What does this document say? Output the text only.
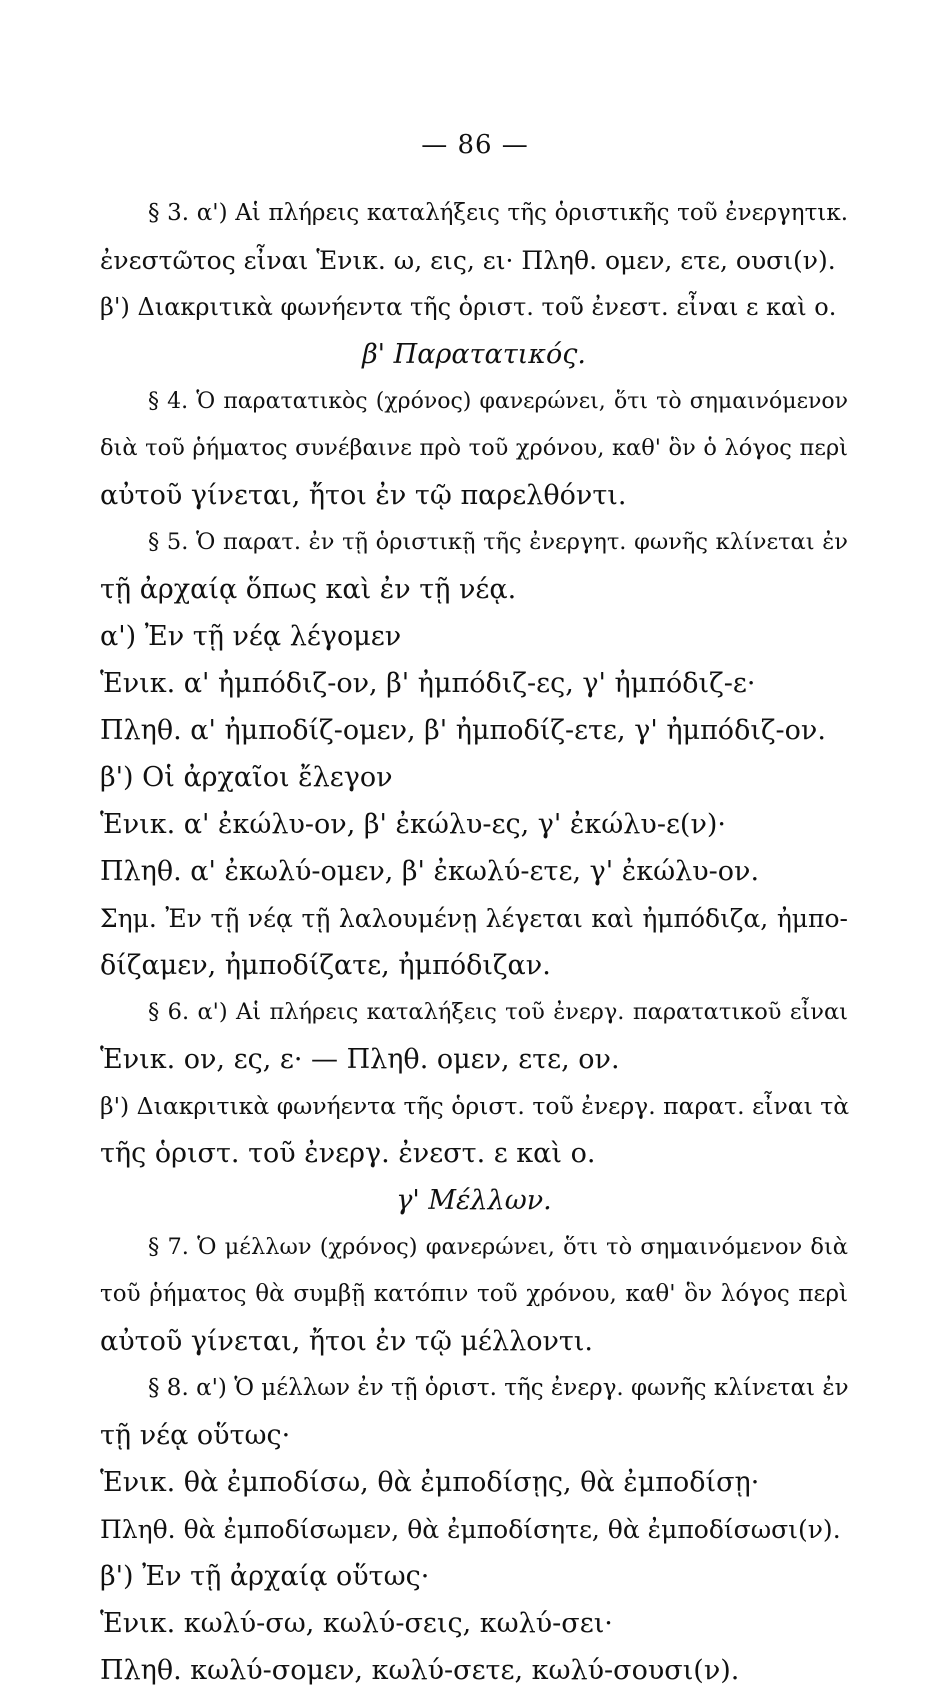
— 86 —
§ 3. α') Αἱ πλήρεις καταλήξεις τῆς ὁριστικῆς τοῦ ἐνεργητικ.
ἐνεστῶτος εἶναι Ἑνικ. ω, εις, ει· Πληθ. ομεν, ετε, ουσι(ν).
β') Διακριτικὰ φωνήεντα τῆς ὁριστ. τοῦ ἐνεστ. εἶναι ε καὶ ο.
β' Παρατατικός.
§ 4. Ὁ παρατατικὸς (χρόνος) φανερώνει, ὅτι τὸ σημαινόμενον
διὰ τοῦ ῥήματος συνέβαινε πρὸ τοῦ χρόνου, καθ' ὃν ὁ λόγος περὶ
αὐτοῦ γίνεται, ἤτοι ἐν τῷ παρελθόντι.
§ 5. Ὁ παρατ. ἐν τῇ ὁριστικῇ τῆς ἐνεργητ. φωνῆς κλίνεται ἐν
τῇ ἀρχαίᾳ ὅπως καὶ ἐν τῇ νέᾳ.
α') Ἐν τῇ νέᾳ λέγομεν
Ἑνικ. α' ἠμπόδιζ-ον, β' ἠμπόδιζ-ες, γ' ἠμπόδιζ-ε·
Πληθ. α' ἠμποδίζ-ομεν, β' ἠμποδίζ-ετε, γ' ἠμπόδιζ-ον.
β') Οἱ ἀρχαῖοι ἔλεγον
Ἑνικ. α' ἐκώλυ-ον, β' ἐκώλυ-ες, γ' ἐκώλυ-ε(ν)·
Πληθ. α' ἐκωλύ-ομεν, β' ἐκωλύ-ετε, γ' ἐκώλυ-ον.
Σημ. Ἐν τῇ νέᾳ τῇ λαλουμένῃ λέγεται καὶ ἠμπόδιζα, ἠμπο-
δίζαμεν, ἠμποδίζατε, ἠμπόδιζαν.
§ 6. α') Αἱ πλήρεις καταλήξεις τοῦ ἐνεργ. παρατατικοῦ εἶναι
Ἑνικ. ον, ες, ε· — Πληθ. ομεν, ετε, ον.
β') Διακριτικὰ φωνήεντα τῆς ὁριστ. τοῦ ἐνεργ. παρατ. εἶναι τὰ
τῆς ὁριστ. τοῦ ἐνεργ. ἐνεστ. ε καὶ ο.
γ' Μέλλων.
§ 7. Ὁ μέλλων (χρόνος) φανερώνει, ὅτι τὸ σημαινόμενον διὰ
τοῦ ῥήματος θὰ συμβῇ κατόπιν τοῦ χρόνου, καθ' ὃν λόγος περὶ
αὐτοῦ γίνεται, ἤτοι ἐν τῷ μέλλοντι.
§ 8. α') Ὁ μέλλων ἐν τῇ ὁριστ. τῆς ἐνεργ. φωνῆς κλίνεται ἐν
τῇ νέᾳ οὕτως·
Ἑνικ. θὰ ἐμποδίσω, θὰ ἐμποδίσῃς, θὰ ἐμποδίσῃ·
Πληθ. θὰ ἐμποδίσωμεν, θὰ ἐμποδίσητε, θὰ ἐμποδίσωσι(ν).
β') Ἐν τῇ ἀρχαίᾳ οὕτως·
Ἑνικ. κωλύ-σω, κωλύ-σεις, κωλύ-σει·
Πληθ. κωλύ-σομεν, κωλύ-σετε, κωλύ-σουσι(ν).
